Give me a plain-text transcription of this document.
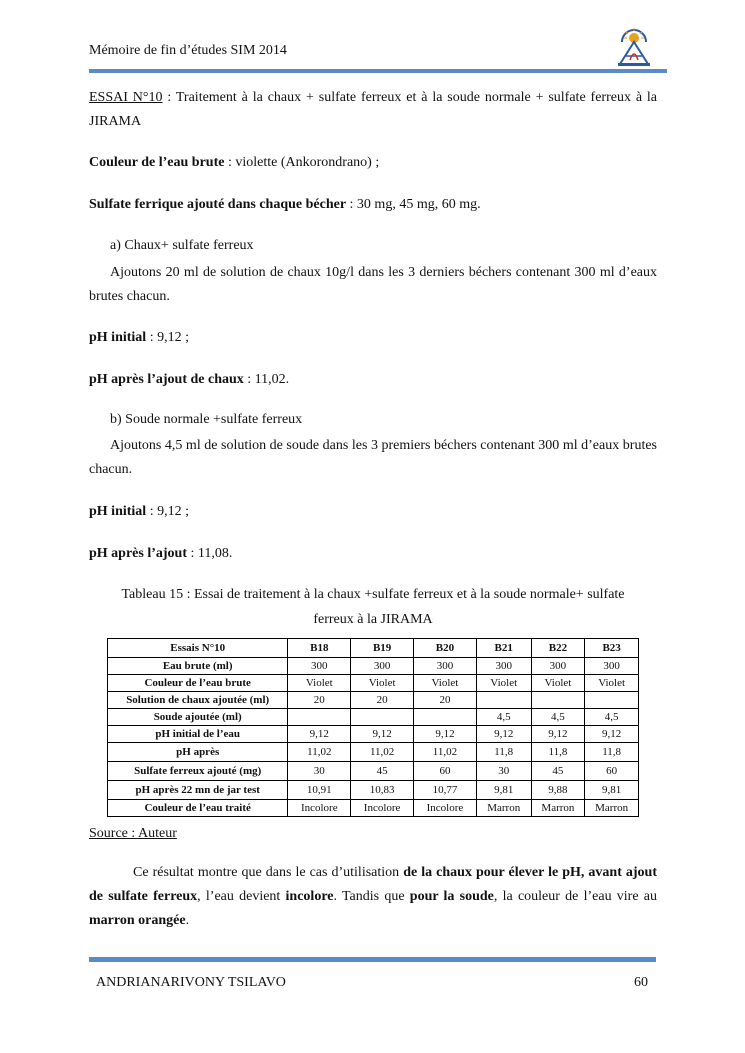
Mémoire de fin d’études SIM 2014
ESSAI N°10 : Traitement à la chaux + sulfate ferreux et à la soude normale + sulfate ferreux à la JIRAMA
Couleur de l’eau brute : violette (Ankorondrano) ;
Sulfate ferrique ajouté dans chaque bécher : 30 mg, 45 mg, 60 mg.
a) Chaux+ sulfate ferreux
Ajoutons 20 ml de solution de chaux 10g/l dans les 3 derniers béchers contenant 300 ml d’eaux brutes chacun.
pH initial : 9,12 ;
pH après l’ajout de chaux : 11,02.
b) Soude normale +sulfate ferreux
Ajoutons 4,5 ml de solution de soude dans les 3 premiers béchers contenant 300 ml d’eaux brutes chacun.
pH initial : 9,12 ;
pH après l’ajout : 11,08.
Tableau 15 : Essai de traitement à la chaux +sulfate ferreux et à la soude normale+ sulfate
ferreux à la JIRAMA
Essais N°10	B18	B19	B20	B21	B22	B23
Eau brute (ml)	300	300	300	300	300	300
Couleur de l’eau brute	Violet	Violet	Violet	Violet	Violet	Violet
Solution de chaux ajoutée (ml)	20	20	20			
Soude ajoutée (ml)				4,5	4,5	4,5
pH initial de l’eau	9,12	9,12	9,12	9,12	9,12	9,12
pH après	11,02	11,02	11,02	11,8	11,8	11,8
Sulfate ferreux ajouté (mg)	30	45	60	30	45	60
pH après 22 mn de jar test	10,91	10,83	10,77	9,81	9,88	9,81
Couleur de l’eau traité	Incolore	Incolore	Incolore	Marron	Marron	Marron
Source : Auteur
Ce résultat montre que dans le cas d’utilisation de la chaux pour élever le pH, avant ajout de sulfate ferreux, l’eau devient incolore. Tandis que pour la soude, la couleur de l’eau vire au marron orangée.
ANDRIANARIVONY TSILAVO	60
